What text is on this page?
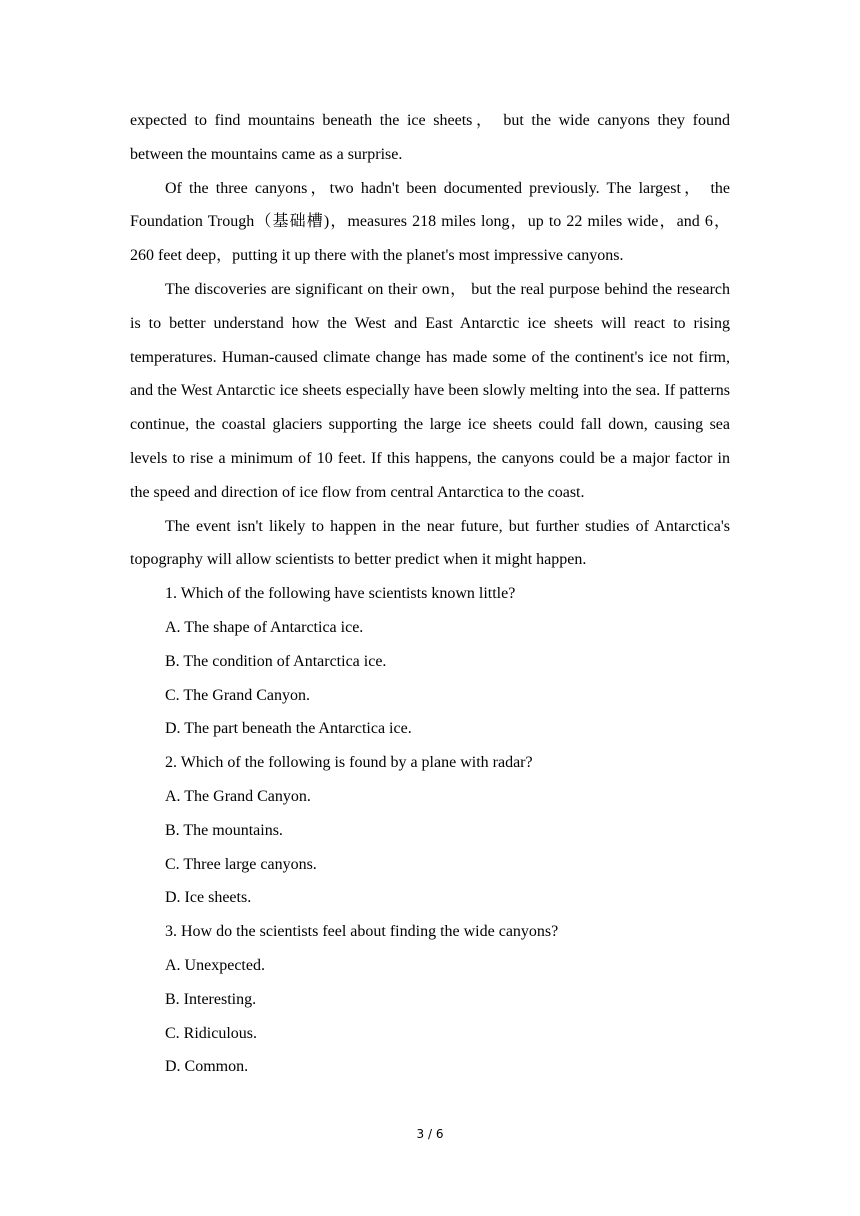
expected to find mountains beneath the ice sheets， but the wide canyons they found between the mountains came as a surprise.

Of the three canyons，two hadn't been documented previously. The largest， the Foundation Trough（基础槽)，measures 218 miles long，up to 22 miles wide，and 6，260 feet deep，putting it up there with the planet's most impressive canyons.

The discoveries are significant on their own， but the real purpose behind the research is to better understand how the West and East Antarctic ice sheets will react to rising temperatures. Human-caused climate change has made some of the continent's ice not firm, and the West Antarctic ice sheets especially have been slowly melting into the sea. If patterns continue, the coastal glaciers supporting the large ice sheets could fall down, causing sea levels to rise a minimum of 10 feet. If this happens, the canyons could be a major factor in the speed and direction of ice flow from central Antarctica to the coast.

The event isn't likely to happen in the near future, but further studies of Antarctica's topography will allow scientists to better predict when it might happen.

1. Which of the following have scientists known little?

A. The shape of Antarctica ice.

B. The condition of Antarctica ice.

C. The Grand Canyon.

D. The part beneath the Antarctica ice.

2. Which of the following is found by a plane with radar?

A. The Grand Canyon.

B. The mountains.

C. Three large canyons.

D. Ice sheets.

3. How do the scientists feel about finding the wide canyons?

A. Unexpected.

B. Interesting.

C. Ridiculous.

D. Common.

3 / 6
